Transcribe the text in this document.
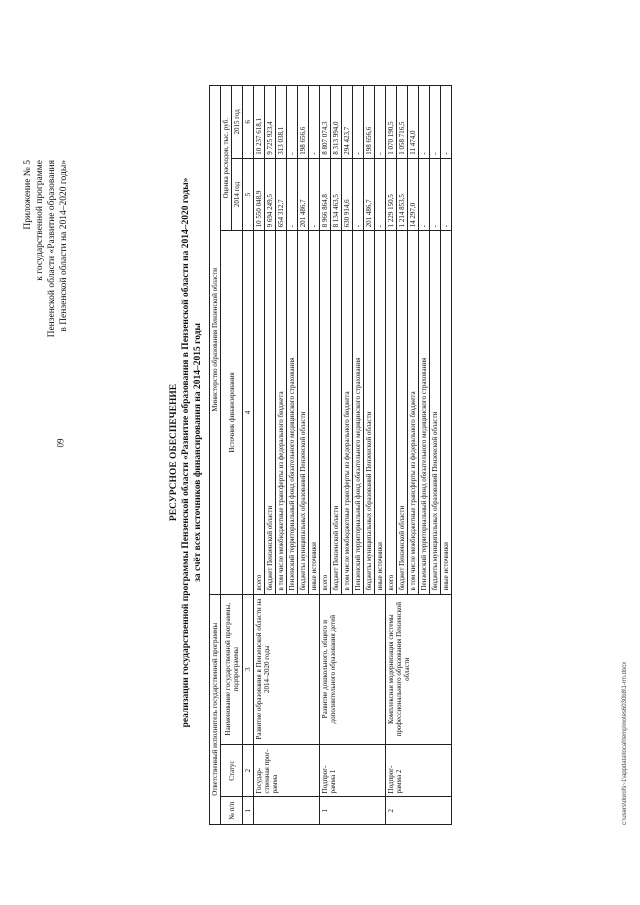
60
Приложение № 5 к государственной программе Пензенской области «Развитие образования в Пензенской области на 2014–2020 годы»
РЕСУРСНОЕ ОБЕСПЕЧЕНИЕ реализации государственной программы Пензенской области «Развитие образования в Пензенской области на 2014–2020 годы» за счёт всех источников финансирования на 2014–2015 годы
Ответственный исполнитель государственной программы			Министерство образования Пензенской области		
№ п/п	Статус	Наименование государственной программы, подпрограммы	Источник финансирования	Оценка расходов, тыс. руб.	
				2014 год	2015 год
1	2	3	4	5	6
	Государ-ственная прог-рамма	Развитие образования в Пензенской области на 2014–2020 годы	всего	10 550 048,9	10 237 618,1
			бюджет Пензенской области	9 694 249,5	9 725 923,4
			в том числе межбюджетные трансферты из федерального бюджета	654 312,7	313 038,1
			Пензенский территориальный фонд обязательного медицинского страхования	-	-
			бюджеты муниципальных образований Пензенской области	201 486,7	198 656,6
			иные источники	-	-
1	Подпрог-рамма 1	Развитие дошкольного, общего и дополнительного образования детей	всего	8 966 864,8	8 807 074,3
			бюджет Пензенской области	8 134 463,5	8 313 994,0
			в том числе межбюджетные трансферты из федерального бюджета	630 914,6	294 423,7
			Пензенский территориальный фонд обязательного медицинского страхования	-	-
			бюджеты муниципальных образований Пензенской области	201 486,7	198 656,6
			иные источники	-	-
2	Подпрог-рамма 2	Комплексная модернизация системы профессионального образования Пензенской области	всего	1 229 150,5	1 070 190,5
			бюджет Пензенской области	1 214 853,5	1 058 716,5
			в том числе межбюджетные трансферты из федерального бюджета	14 297,0	11 474,0
			Пензенский территориальный фонд обязательного медицинского страхования	-	-
			бюджеты муниципальных образований Пензенской области	-	-
			иные источники	-	-
c:\users\dorofs~1\appdata\local\temp\notes6030b8\1-rm.docx
